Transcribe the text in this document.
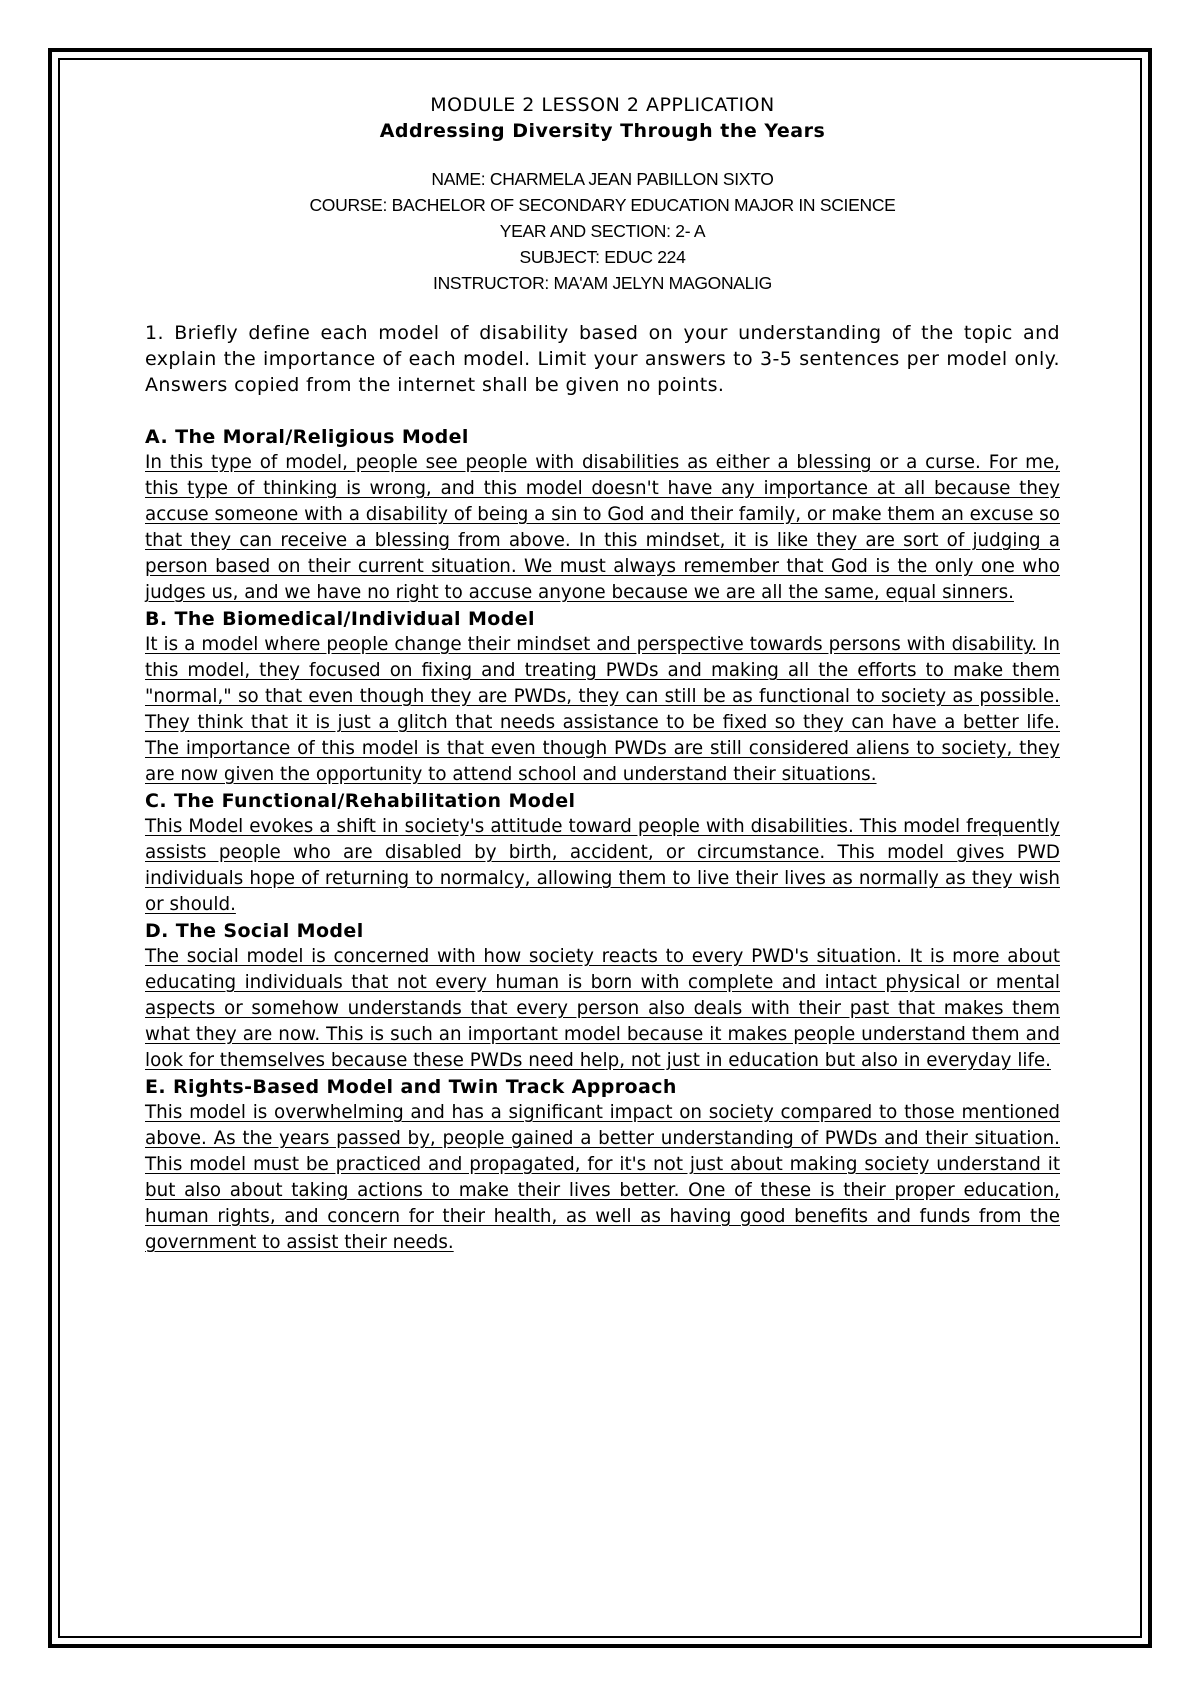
MODULE 2 LESSON 2 APPLICATION
Addressing Diversity Through the Years
NAME: CHARMELA JEAN PABILLON SIXTO
COURSE: BACHELOR OF SECONDARY EDUCATION MAJOR IN SCIENCE
YEAR AND SECTION: 2- A
SUBJECT: EDUC 224
INSTRUCTOR: MA'AM JELYN MAGONALIG
1. Briefly define each model of disability based on your understanding of the topic and explain the importance of each model. Limit your answers to 3-5 sentences per model only. Answers copied from the internet shall be given no points.
A. The Moral/Religious Model
In this type of model, people see people with disabilities as either a blessing or a curse. For me, this type of thinking is wrong, and this model doesn't have any importance at all because they accuse someone with a disability of being a sin to God and their family, or make them an excuse so that they can receive a blessing from above. In this mindset, it is like they are sort of judging a person based on their current situation. We must always remember that God is the only one who judges us, and we have no right to accuse anyone because we are all the same, equal sinners.
B. The Biomedical/Individual Model
It is a model where people change their mindset and perspective towards persons with disability. In this model, they focused on fixing and treating PWDs and making all the efforts to make them "normal," so that even though they are PWDs, they can still be as functional to society as possible. They think that it is just a glitch that needs assistance to be fixed so they can have a better life. The importance of this model is that even though PWDs are still considered aliens to society, they are now given the opportunity to attend school and understand their situations.
C. The Functional/Rehabilitation Model
This Model evokes a shift in society's attitude toward people with disabilities. This model frequently assists people who are disabled by birth, accident, or circumstance. This model gives PWD individuals hope of returning to normalcy, allowing them to live their lives as normally as they wish or should.
D. The Social Model
The social model is concerned with how society reacts to every PWD's situation. It is more about educating individuals that not every human is born with complete and intact physical or mental aspects or somehow understands that every person also deals with their past that makes them what they are now. This is such an important model because it makes people understand them and look for themselves because these PWDs need help, not just in education but also in everyday life.
E. Rights-Based Model and Twin Track Approach
This model is overwhelming and has a significant impact on society compared to those mentioned above. As the years passed by, people gained a better understanding of PWDs and their situation. This model must be practiced and propagated, for it's not just about making society understand it but also about taking actions to make their lives better. One of these is their proper education, human rights, and concern for their health, as well as having good benefits and funds from the government to assist their needs.
